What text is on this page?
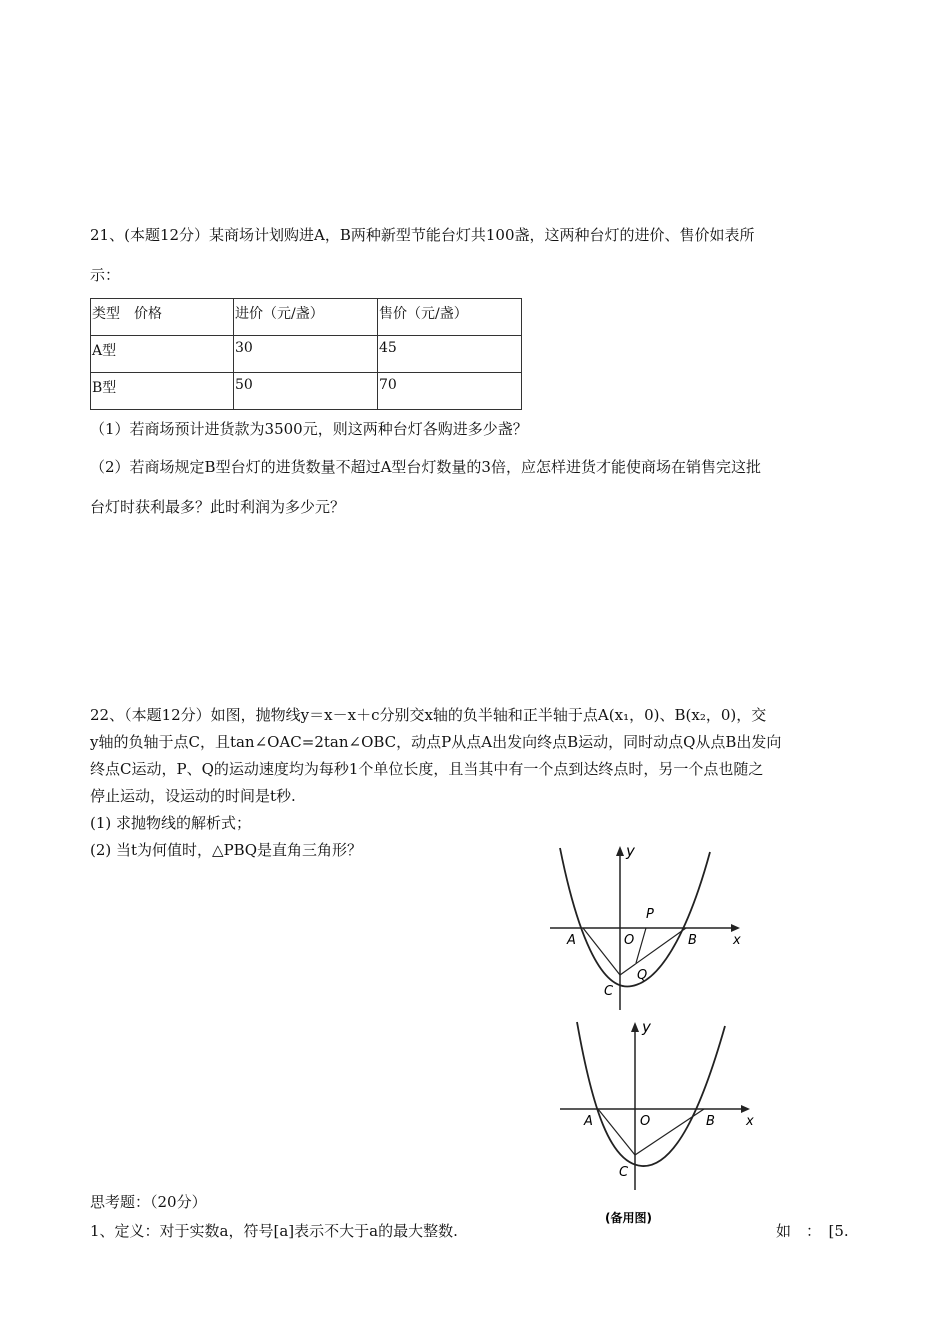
21、(本题12分）某商场计划购进A，B两种新型节能台灯共100盏，这两种台灯的进价、售价如表所
示：
类型　价格	进价（元/盏）	售价（元/盏）
A型	30	45
B型	50	70
（1）若商场预计进货款为3500元，则这两种台灯各购进多少盏？
（2）若商场规定B型台灯的进货数量不超过A型台灯数量的3倍，应怎样进货才能使商场在销售完这批
台灯时获利最多？此时利润为多少元？
22、（本题12分）如图，抛物线y＝x－x＋c分别交x轴的负半轴和正半轴于点A(x₁，0)、B(x₂，0)，交
y轴的负轴于点C，且tan∠OAC=2tan∠OBC，动点P从点A出发向终点B运动，同时动点Q从点B出发向
终点C运动，P、Q的运动速度均为每秒1个单位长度，且当其中有一个点到达终点时，另一个点也随之
停止运动，设运动的时间是t秒.
(1) 求抛物线的解析式；
(2) 当t为何值时，△PBQ是直角三角形？	y
x
A	O	B
C
P
Q
y
x
A	O	B
C
(备用图)
思考题：（20分）
1、定义：对于实数a，符号[a]表示不大于a的最大整数.	如　：　[5.
